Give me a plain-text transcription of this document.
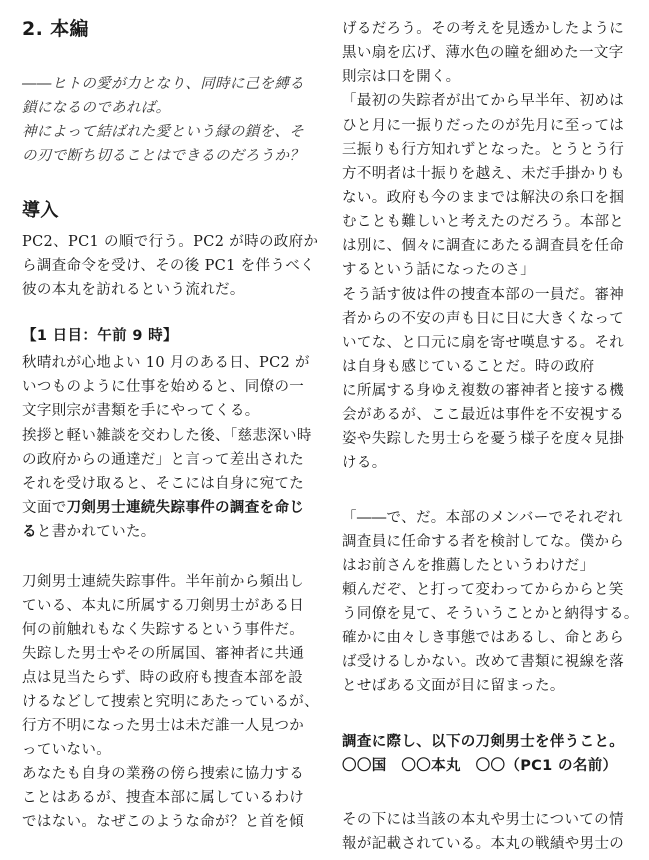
2. 本編
――ヒトの愛が力となり、同時に己を縛る
鎖になるのであれば。
神によって結ばれた愛という縁の鎖を、そ
の刃で断ち切ることはできるのだろうか？
導入
PC2、PC1 の順で行う。PC2 が時の政府か
ら調査命令を受け、その後 PC1 を伴うべく
彼の本丸を訪れるという流れだ。
【1 日目：午前 9 時】
秋晴れが心地よい 10 月のある日、PC2 が
いつものように仕事を始めると、同僚の一
文字則宗が書類を手にやってくる。
挨拶と軽い雑談を交わした後、「慈悲深い時
の政府からの通達だ」と言って差出された
それを受け取ると、そこには自身に宛てた
文面で刀剣男士連続失踪事件の調査を命じ
ると書かれていた。
刀剣男士連続失踪事件。半年前から頻出し
ている、本丸に所属する刀剣男士がある日
何の前触れもなく失踪するという事件だ。
失踪した男士やその所属国、審神者に共通
点は見当たらず、時の政府も捜査本部を設
けるなどして捜索と究明にあたっているが、
行方不明になった男士は未だ誰一人見つか
っていない。
あなたも自身の業務の傍ら捜索に協力する
ことはあるが、捜査本部に属しているわけ
ではない。なぜこのような命が？と首を傾
げるだろう。その考えを見透かしたように
黒い扇を広げ、薄水色の瞳を細めた一文字
則宗は口を開く。
「最初の失踪者が出てから早半年、初めは
ひと月に一振りだったのが先月に至っては
三振りも行方知れずとなった。とうとう行
方不明者は十振りを越え、未だ手掛かりも
ない。政府も今のままでは解決の糸口を掴
むことも難しいと考えたのだろう。本部と
は別に、個々に調査にあたる調査員を任命
するという話になったのさ」
そう話す彼は件の捜査本部の一員だ。審神
者からの不安の声も日に日に大きくなって
いてな、と口元に扇を寄せ嘆息する。それ
は自身も感じていることだ。時の政府
に所属する身ゆえ複数の審神者と接する機
会があるが、ここ最近は事件を不安視する
姿や失踪した男士らを憂う様子を度々見掛
ける。
「――で、だ。本部のメンバーでそれぞれ
調査員に任命する者を検討してな。僕から
はお前さんを推薦したというわけだ」
頼んだぞ、と打って変わってからからと笑
う同僚を見て、そういうことかと納得する。
確かに由々しき事態ではあるし、命とあら
ば受けるしかない。改めて書類に視線を落
とせばある文面が目に留まった。
調査に際し、以下の刀剣男士を伴うこと。
〇〇国　〇〇本丸　〇〇（PC1 の名前）
その下には当該の本丸や男士についての情
報が記載されている。本丸の戦績や男士の
